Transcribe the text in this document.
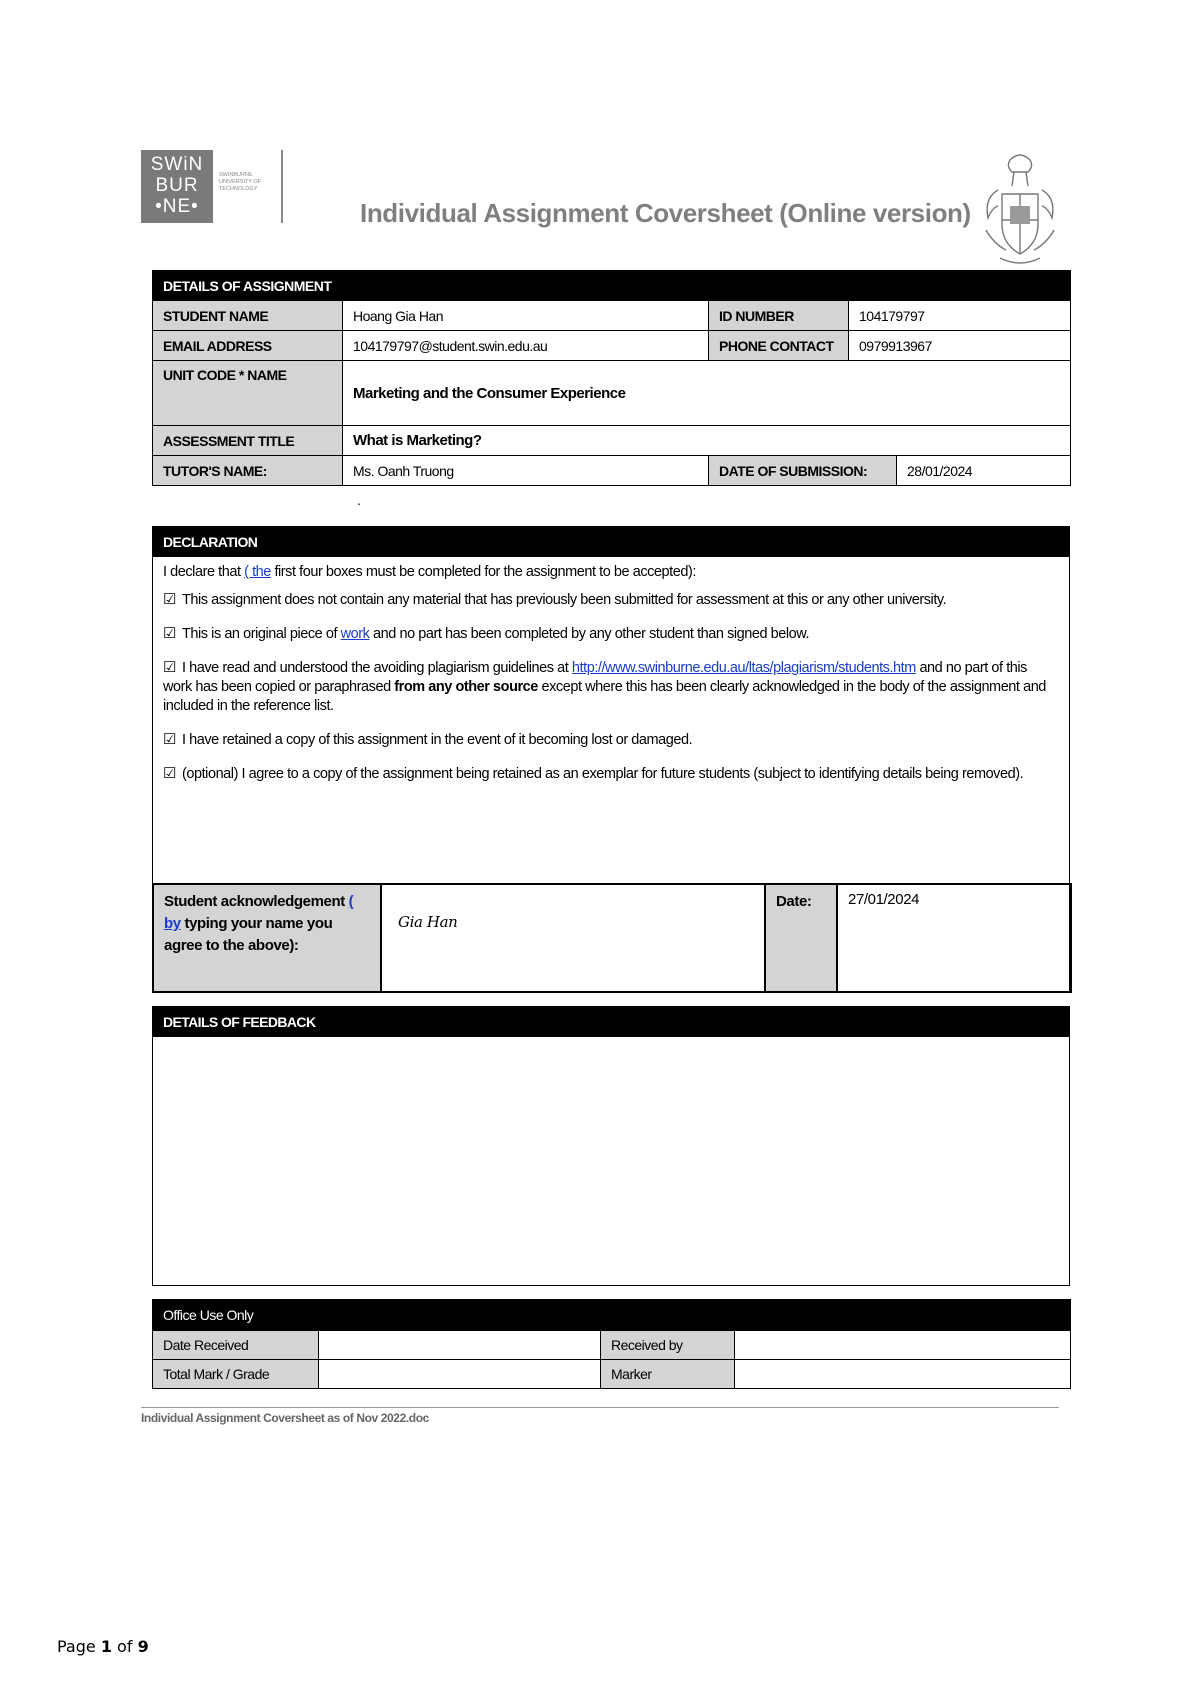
SWiN
BUR
•NE•
SWINBURNE
UNIVERSITY OF
TECHNOLOGY
Individual Assignment Coversheet (Online version)
DETAILS OF ASSIGNMENT				
STUDENT NAME	Hoang Gia Han	ID NUMBER	104179797	
EMAIL ADDRESS	104179797@student.swin.edu.au	PHONE CONTACT	0979913967	
UNIT CODE * NAME	Marketing and the Consumer Experience			
ASSESSMENT TITLE	What is Marketing?			
TUTOR'S NAME:	Ms. Oanh Truong	DATE OF SUBMISSION:		28/01/2024
.
DECLARATION

I declare that ( the first four boxes must be completed for the assignment to be accepted):

☑ This assignment does not contain any material that has previously been submitted for assessment at this or any other university.

☑ This is an original piece of work and no part has been completed by any other student than signed below.

☑ I have read and understood the avoiding plagiarism guidelines at http://www.swinburne.edu.au/ltas/plagiarism/students.htm and no part of this work has been copied or paraphrased from any other source except where this has been clearly acknowledged in the body of the assignment and included in the reference list.

☑ I have retained a copy of this assignment in the event of it becoming lost or damaged.

☑ (optional) I agree to a copy of the assignment being retained as an exemplar for future students (subject to identifying details being removed).

Student acknowledgement ( by typing your name you agree to the above):	Gia Han	Date:	27/01/2024
DETAILS OF FEEDBACK
Office Use Only			
Date Received		Received by	
Total Mark / Grade		Marker	
Individual Assignment Coversheet as of Nov 2022.doc
Page 1 of 9
